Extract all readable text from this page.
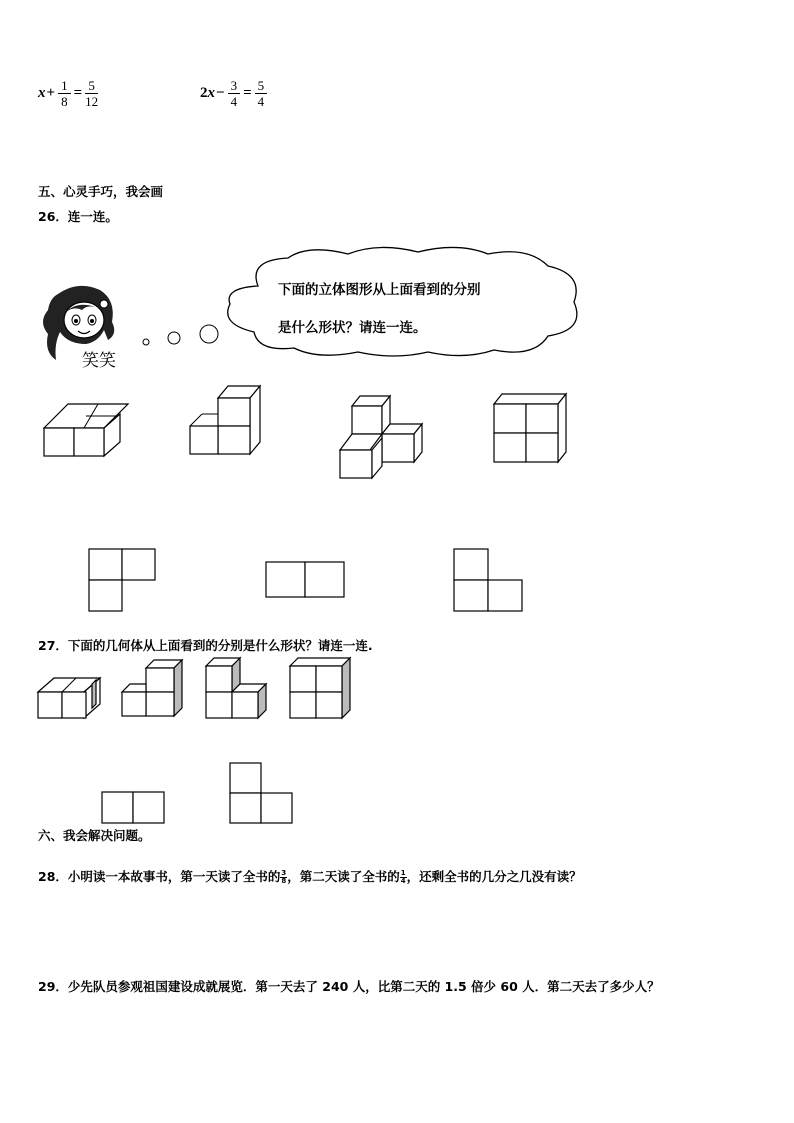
$x + \frac{1}{8} = \frac{5}{12}$	2 $x - \frac{3}{4} = \frac{5}{4}$
五、心灵手巧，我会画
26．连一连。
笑笑
下面的立体图形从上面看到的分别
是什么形状？请连一连。
27．下面的几何体从上面看到的分别是什么形状？请连一连.
六、我会解决问题。
28．小明读一本故事书，第一天读了全书的 $\frac{3}{8}$ ，第二天读了全书的 $\frac{1}{4}$ ，还剩全书的几分之几没有读？
29．少先队员参观祖国建设成就展览．第一天去了 240 人，比第二天的 1.5 倍少 60 人．第二天去了多少人？
